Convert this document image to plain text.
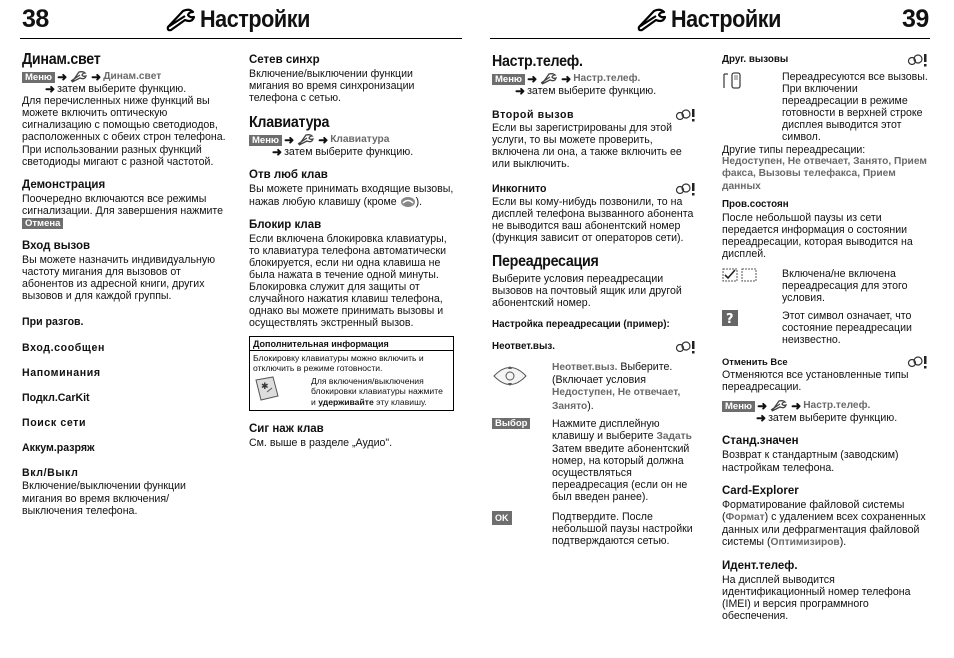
38	Настройки	Настройки	39
Динам.свет
Меню ➜ ➜ Динам.свет
➜ затем выберите функцию.

Для перечисленных ниже функций вы можете включить оптическую сигнализацию с помощью светодиодов, расположенных с обеих строн телефона. При использовании разных функций светодиоды мигают с разной частотой.

Демонстрация

Поочередно включаются все режимы сигнализации. Для завершения нажмите Отмена

Вход вызов

Вы можете назначить индивидуальную частоту мигания для вызовов от абонентов из адресной книги, других вызовов и для каждой группы.

При разгов.
Вход.сообщен
Напоминания
Подкл.CarKit
Поиск сети
Аккум.разряж
Вкл/Выкл

Включение/выключении функции мигания во время включения/ выключения телефона.

Сетев синхр

Включение/выключении функции мигания во время синхронизации телефона с сетью.

Клавиатура
Меню ➜ ➜ Клавиатура
➜ затем выберите функцию.
Отв люб клав

Вы можете принимать входящие вызовы, нажав любую клавишу (кроме ).

Блокир клав

Если включена блокировка клавиатуры, то клавиатура телефона автоматически блокируется, если ни одна клавиша не была нажата в течение одной минуты. Блокировка служит для защиты от случайного нажатия клавиш телефона, однако вы можете принимать вызовы и осуществлять экстренный вызов.

Дополнительная информация
Блокировку клавиатуры можно включить и отключить в режиме готовности.
✱
Для включения/выключения блокировки клавиатуры нажмите и удерживайте эту клавишу.
Сиг наж клав

См. выше в разделе „Аудио".

Настр.телеф.
Меню ➜ ➜ Настр.телеф.
➜ затем выберите функцию.
Второй вызов

Если вы зарегистрированы для этой услуги, то вы можете проверить, включена ли она, а также включить ее или выключить.

Инкогнито

Если вы кому-нибудь позвонили, то на дисплей телефона вызванного абонента не выводится ваш абонентский номер (функция зависит от операторов сети).

Переадресация

Выберите условия переадресации вызовов на почтовый ящик или другой абонентский номер.

Настройка переадресации (пример):
Неответ.выз.
Неответ.выз. Выберите.
(Включает условия
Недоступен, Не отвечает,
Занято).
Выбор	Нажмите дисплейную клавишу и выберите Задать Затем введите абонентский номер, на который должна осуществляться переадресация (если он не был введен ранее).
OK	Подтвердите. После небольшой паузы настройки подтверждаются сетью.
Друг. вызовы
Переадресуются все вызовы. При включении переадресации в режиме готовности в верхней строке дисплея выводится этот символ.

Другие типы переадресации:

Недоступен, Не отвечает, Занято, Прием факса, Вызовы телефакса, Прием данных

Пров.состоян

После небольшой паузы из сети передается информация о состоянии переадресации, которая выводится на дисплей.

Включена/не включена переадресация для этого условия.
?	Этот символ означает, что состояние переадресации неизвестно.
Отменить Все

Отменяются все установленные типы переадресации.

Меню ➜ ➜ Настр.телеф.
➜ затем выберите функцию.
Станд.значен

Возврат к стандартным (заводским) настройкам телефона.

Card-Explorer

Форматирование файловой системы (Формат) с удалением всех сохраненных данных или дефрагментация файловой системы (Оптимизиров).

Идент.телеф.

На дисплей выводится идентификационный номер телефона (IMEI) и версия программного обеспечения.
